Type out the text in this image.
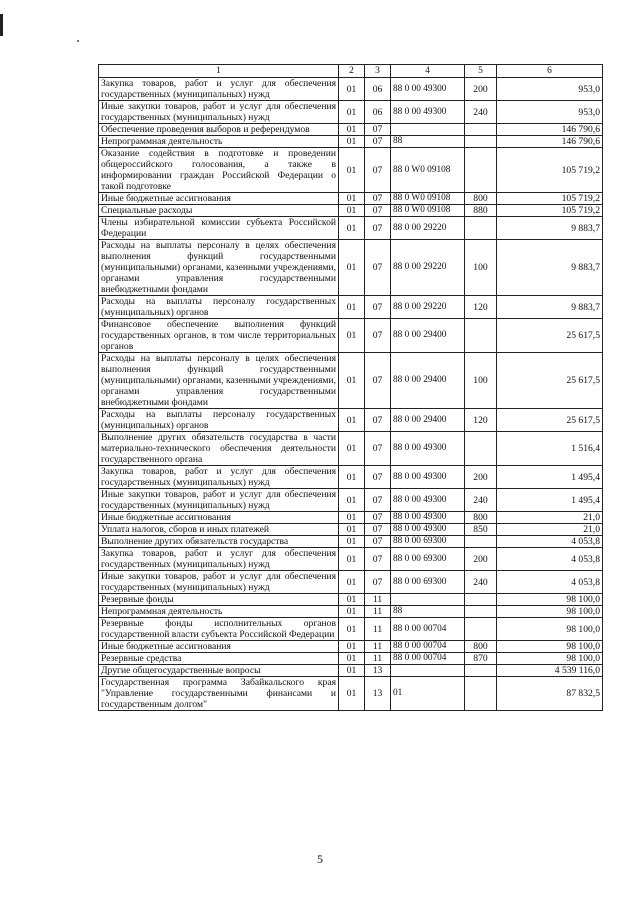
1	2	3	4	5	6
Закупка товаров, работ и услуг для обеспечения государственных (муниципальных) нужд	01	06	88 0 00 49300	200	953,0
Иные закупки товаров, работ и услуг для обеспечения государственных (муниципальных) нужд	01	06	88 0 00 49300	240	953,0
Обеспечение проведения выборов и референдумов	01	07			146 790,6
Непрограммная деятельность	01	07	88		146 790,6
Оказание содействия в подготовке и проведении общероссийского голосования, а также в информировании граждан Российской Федерации о такой подготовке	01	07	88 0 W0 09108		105 719,2
Иные бюджетные ассигнования	01	07	88 0 W0 09108	800	105 719,2
Специальные расходы	01	07	88 0 W0 09108	880	105 719,2
Члены избирательной комиссии субъекта Российской Федерации	01	07	88 0 00 29220		9 883,7
Расходы на выплаты персоналу в целях обеспечения выполнения функций государственными (муниципальными) органами, казенными учреждениями, органами управления государственными внебюджетными фондами	01	07	88 0 00 29220	100	9 883,7
Расходы на выплаты персоналу государственных (муниципальных) органов	01	07	88 0 00 29220	120	9 883,7
Финансовое обеспечение выполнения функций государственных органов, в том числе территориальных органов	01	07	88 0 00 29400		25 617,5
Расходы на выплаты персоналу в целях обеспечения выполнения функций государственными (муниципальными) органами, казенными учреждениями, органами управления государственными внебюджетными фондами	01	07	88 0 00 29400	100	25 617,5
Расходы на выплаты персоналу государственных (муниципальных) органов	01	07	88 0 00 29400	120	25 617,5
Выполнение других обязательств государства в части материально-технического обеспечения деятельности государственного органа	01	07	88 0 00 49300		1 516,4
Закупка товаров, работ и услуг для обеспечения государственных (муниципальных) нужд	01	07	88 0 00 49300	200	1 495,4
Иные закупки товаров, работ и услуг для обеспечения государственных (муниципальных) нужд	01	07	88 0 00 49300	240	1 495,4
Иные бюджетные ассигнования	01	07	88 0 00 49300	800	21,0
Уплата налогов, сборов и иных платежей	01	07	88 0 00 49300	850	21,0
Выполнение других обязательств государства	01	07	88 0 00 69300		4 053,8
Закупка товаров, работ и услуг для обеспечения государственных (муниципальных) нужд	01	07	88 0 00 69300	200	4 053,8
Иные закупки товаров, работ и услуг для обеспечения государственных (муниципальных) нужд	01	07	88 0 00 69300	240	4 053,8
Резервные фонды	01	11			98 100,0
Непрограммная деятельность	01	11	88		98 100,0
Резервные фонды исполнительных органов государственной власти субъекта Российской Федерации	01	11	88 0 00 00704		98 100,0
Иные бюджетные ассигнования	01	11	88 0 00 00704	800	98 100,0
Резервные средства	01	11	88 0 00 00704	870	98 100,0
Другие общегосударственные вопросы	01	13			4 539 116,0
Государственная программа Забайкальского края "Управление государственными финансами и государственным долгом"	01	13	01		87 832,5
5
